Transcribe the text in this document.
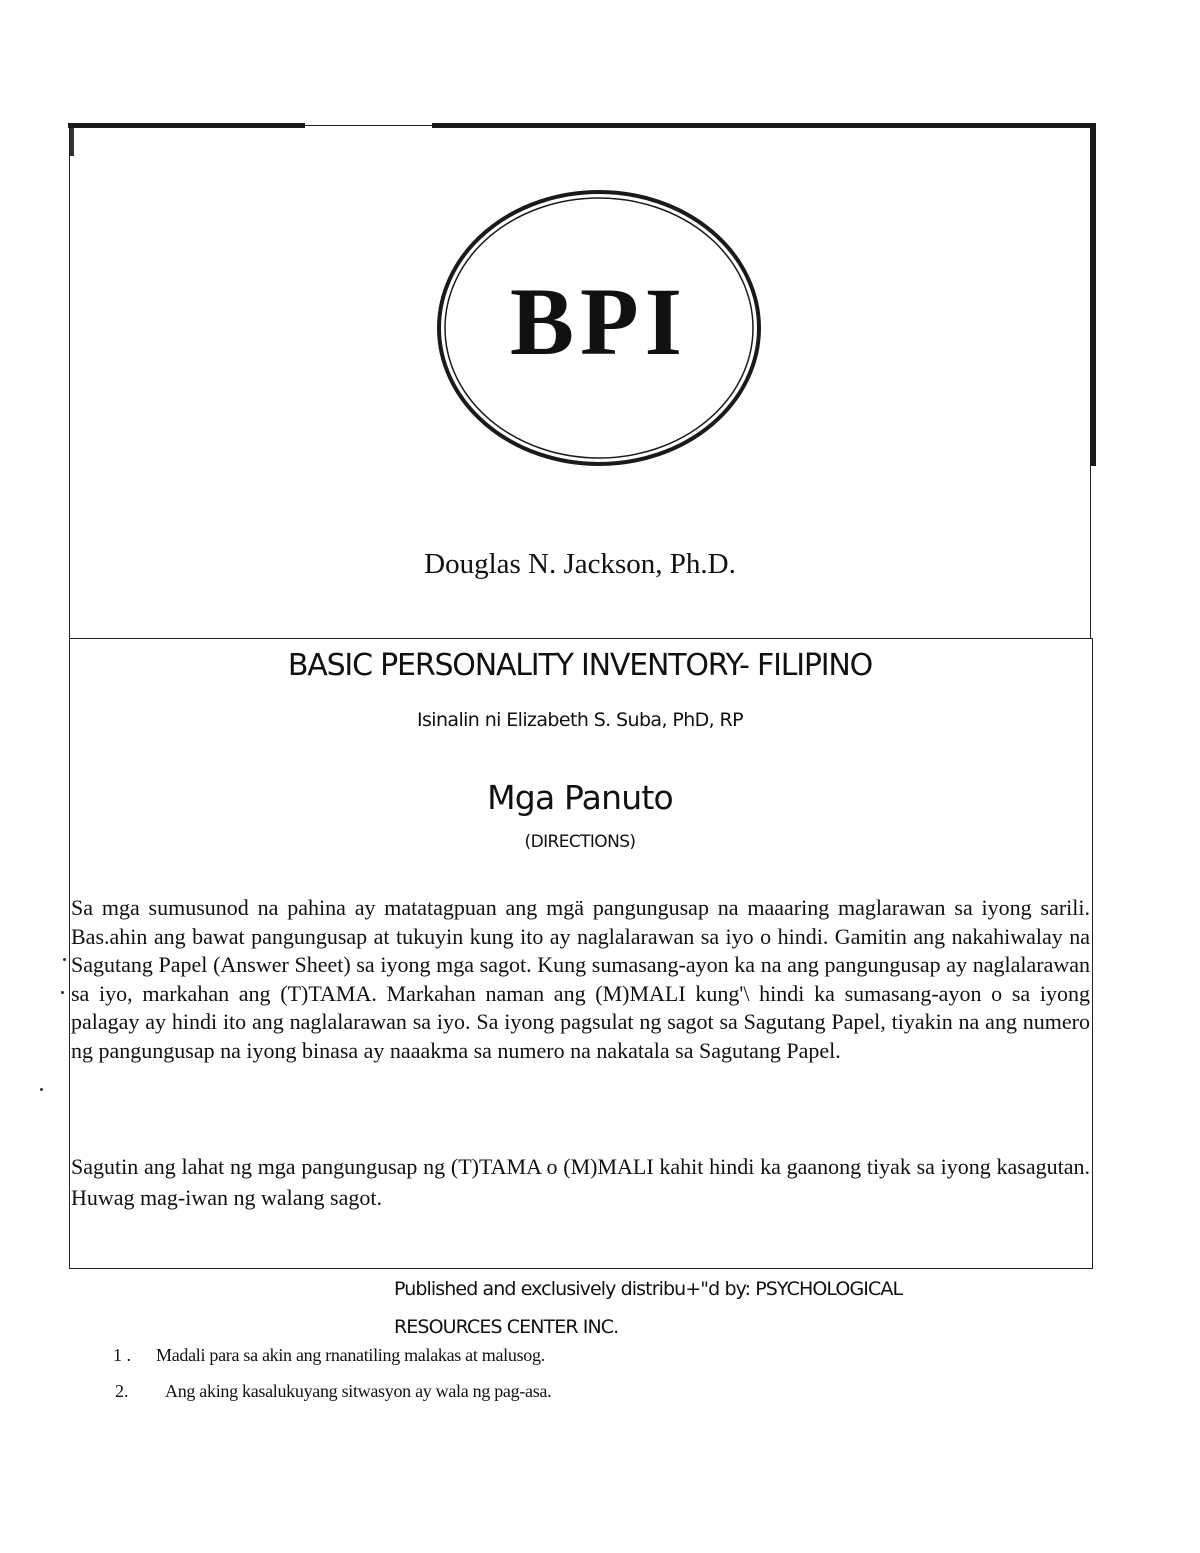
BPI
Douglas N. Jackson, Ph.D.
BASIC PERSONALITY INVENTORY- FILIPINO
Isinalin ni Elizabeth S. Suba, PhD, RP
Mga Panuto
(DIRECTIONS)

Sa mga sumusunod na pahina ay matatagpuan ang mgä pangungusap na maaaring maglarawan sa iyong sarili. Bas.ahin ang bawat pangungusap at tukuyin kung ito ay naglalarawan sa iyo o hindi. Gamitin ang nakahiwalay na Sagutang Papel (Answer Sheet) sa iyong mga sagot. Kung sumasang-ayon ka na ang pangungusap ay naglalarawan sa iyo, markahan ang (T)TAMA. Markahan naman ang (M)MALI kung'\ hindi ka sumasang-ayon o sa iyong palagay ay hindi ito ang naglalarawan sa iyo. Sa iyong pagsulat ng sagot sa Sagutang Papel, tiyakin na ang numero ng pangungusap na iyong binasa ay naaakma sa numero na nakatala sa Sagutang Papel.

Sagutin ang lahat ng mga pangungusap ng (T)TAMA o (M)MALI kahit hindi ka gaanong tiyak sa iyong kasagutan. Huwag mag-iwan ng walang sagot.

Published and exclusively distribu+"d by: PSYCHOLOGICAL
RESOURCES CENTER INC.
1 . Madali para sa akin ang rnanatiling malakas at malusog.
2. Ang aking kasalukuyang sitwasyon ay wala ng pag-asa.
